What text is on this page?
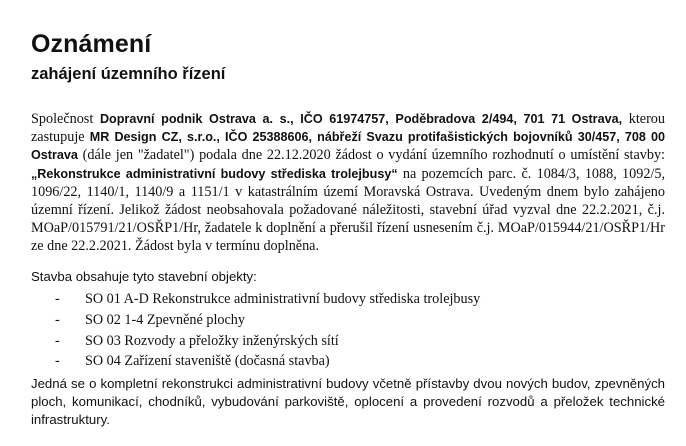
Oznámení
zahájení územního řízení

Společnost Dopravní podnik Ostrava a. s., IČO 61974757, Poděbradova 2/494, 701 71 Ostrava, kterou zastupuje MR Design CZ, s.r.o., IČO 25388606, nábřeží Svazu protifašistických bojovníků 30/457, 708 00 Ostrava (dále jen "žadatel") podala dne 22.12.2020 žádost o vydání územního rozhodnutí o umístění stavby: „Rekonstrukce administrativní budovy střediska trolejbusy“ na pozemcích parc. č. 1084/3, 1088, 1092/5, 1096/22, 1140/1, 1140/9 a 1151/1 v katastrálním území Moravská Ostrava. Uvedeným dnem bylo zahájeno územní řízení. Jelikož žádost neobsahovala požadované náležitosti, stavební úřad vyzval dne 22.2.2021, č.j. MOaP/015791/21/OSŘP1/Hr, žadatele k doplnění a přerušil řízení usnesením č.j. MOaP/015944/21/OSŘP1/Hr ze dne 22.2.2021. Žádost byla v termínu doplněna.

Stavba obsahuje tyto stavební objekty:

- SO 01 A-D Rekonstrukce administrativní budovy střediska trolejbusy
- SO 02 1-4 Zpevněné plochy
- SO 03 Rozvody a přeložky inženýrských sítí
- SO 04 Zařízení staveniště (dočasná stavba)

Jedná se o kompletní rekonstrukci administrativní budovy včetně přístavby dvou nových budov, zpevněných ploch, komunikací, chodníků, vybudování parkoviště, oplocení a provedení rozvodů a přeložek technické infrastruktury.
